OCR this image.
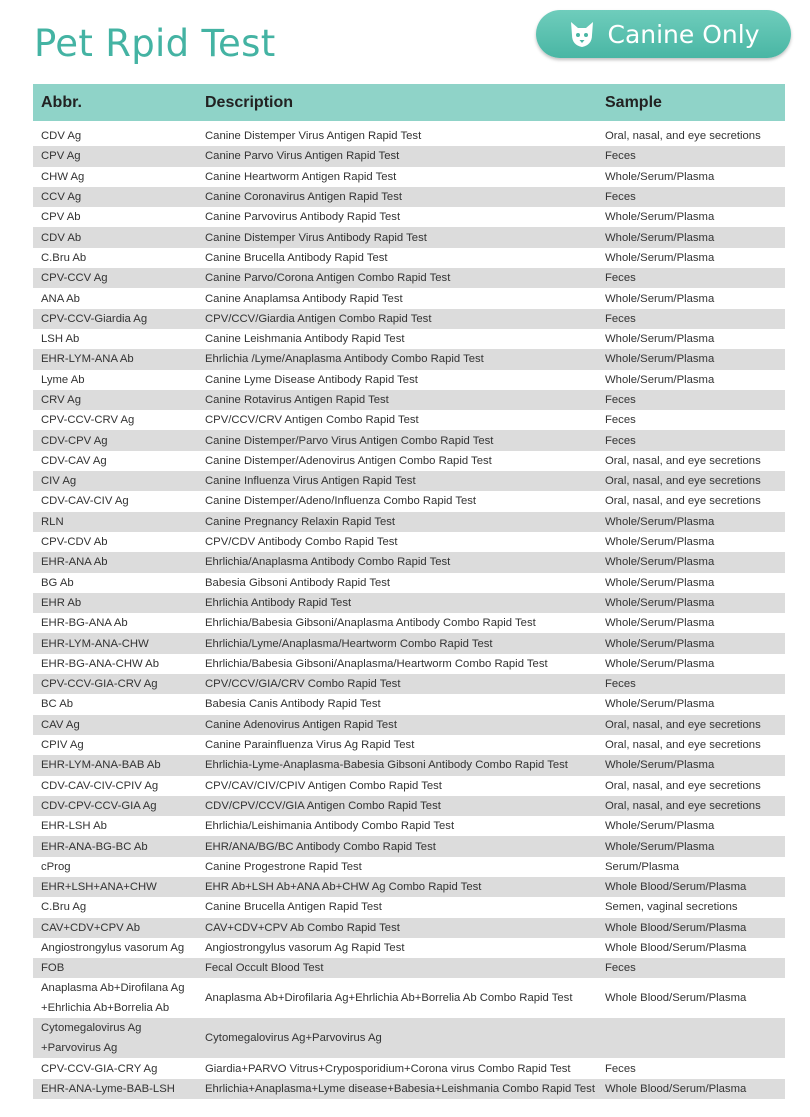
Pet Rpid Test	Canine Only
Abbr.	Description	Sample

CDV Ag	Canine Distemper Virus Antigen Rapid Test	Oral, nasal, and eye secretions
CPV Ag	Canine Parvo Virus Antigen Rapid Test	Feces
CHW Ag	Canine Heartworm Antigen Rapid Test	Whole/Serum/Plasma
CCV Ag	Canine Coronavirus Antigen Rapid Test	Feces
CPV Ab	Canine Parvovirus Antibody Rapid Test	Whole/Serum/Plasma
CDV Ab	Canine Distemper Virus Antibody Rapid Test	Whole/Serum/Plasma
C.Bru Ab	Canine Brucella Antibody Rapid Test	Whole/Serum/Plasma
CPV-CCV Ag	Canine Parvo/Corona Antigen Combo Rapid Test	Feces
ANA Ab	Canine Anaplamsa Antibody Rapid Test	Whole/Serum/Plasma
CPV-CCV-Giardia Ag	CPV/CCV/Giardia Antigen Combo Rapid Test	Feces
LSH Ab	Canine Leishmania Antibody Rapid Test	Whole/Serum/Plasma
EHR-LYM-ANA Ab	Ehrlichia /Lyme/Anaplasma Antibody Combo Rapid Test	Whole/Serum/Plasma
Lyme Ab	Canine Lyme Disease Antibody Rapid Test	Whole/Serum/Plasma
CRV Ag	Canine Rotavirus Antigen Rapid Test	Feces
CPV-CCV-CRV Ag	CPV/CCV/CRV Antigen Combo Rapid Test	Feces
CDV-CPV Ag	Canine Distemper/Parvo Virus Antigen Combo Rapid Test	Feces
CDV-CAV Ag	Canine Distemper/Adenovirus Antigen Combo Rapid Test	Oral, nasal, and eye secretions
CIV Ag	Canine Influenza Virus Antigen Rapid Test	Oral, nasal, and eye secretions
CDV-CAV-CIV Ag	Canine Distemper/Adeno/Influenza Combo Rapid Test	Oral, nasal, and eye secretions
RLN	Canine Pregnancy Relaxin Rapid Test	Whole/Serum/Plasma
CPV-CDV Ab	CPV/CDV Antibody Combo Rapid Test	Whole/Serum/Plasma
EHR-ANA Ab	Ehrlichia/Anaplasma Antibody Combo Rapid Test	Whole/Serum/Plasma
BG Ab	Babesia Gibsoni Antibody Rapid Test	Whole/Serum/Plasma
EHR Ab	Ehrlichia Antibody Rapid Test	Whole/Serum/Plasma
EHR-BG-ANA Ab	Ehrlichia/Babesia Gibsoni/Anaplasma Antibody Combo Rapid Test	Whole/Serum/Plasma
EHR-LYM-ANA-CHW	Ehrlichia/Lyme/Anaplasma/Heartworm Combo Rapid Test	Whole/Serum/Plasma
EHR-BG-ANA-CHW Ab	Ehrlichia/Babesia Gibsoni/Anaplasma/Heartworm Combo Rapid Test	Whole/Serum/Plasma
CPV-CCV-GIA-CRV Ag	CPV/CCV/GIA/CRV Combo Rapid Test	Feces
BC Ab	Babesia Canis Antibody Rapid Test	Whole/Serum/Plasma
CAV Ag	Canine Adenovirus Antigen Rapid Test	Oral, nasal, and eye secretions
CPIV Ag	Canine Parainfluenza Virus Ag Rapid Test	Oral, nasal, and eye secretions
EHR-LYM-ANA-BAB Ab	Ehrlichia-Lyme-Anaplasma-Babesia Gibsoni Antibody Combo Rapid Test	Whole/Serum/Plasma
CDV-CAV-CIV-CPIV Ag	CPV/CAV/CIV/CPIV Antigen Combo Rapid Test	Oral, nasal, and eye secretions
CDV-CPV-CCV-GIA Ag	CDV/CPV/CCV/GIA Antigen Combo Rapid Test	Oral, nasal, and eye secretions
EHR-LSH Ab	Ehrlichia/Leishimania Antibody Combo Rapid Test	Whole/Serum/Plasma
EHR-ANA-BG-BC Ab	EHR/ANA/BG/BC Antibody Combo Rapid Test	Whole/Serum/Plasma
cProg	Canine Progestrone Rapid Test	Serum/Plasma
EHR+LSH+ANA+CHW	EHR Ab+LSH Ab+ANA Ab+CHW Ag Combo Rapid Test	Whole Blood/Serum/Plasma
C.Bru Ag	Canine Brucella Antigen Rapid Test	Semen, vaginal secretions
CAV+CDV+CPV Ab	CAV+CDV+CPV Ab Combo Rapid Test	Whole Blood/Serum/Plasma
Angiostrongylus vasorum Ag	Angiostrongylus vasorum Ag Rapid Test	Whole Blood/Serum/Plasma
FOB	Fecal Occult Blood Test	Feces
Anaplasma Ab+Dirofilana Ag +Ehrlichia Ab+Borrelia Ab	Anaplasma Ab+Dirofilaria Ag+Ehrlichia Ab+Borrelia Ab Combo Rapid Test	Whole Blood/Serum/Plasma
Cytomegalovirus Ag +Parvovirus Ag	Cytomegalovirus Ag+Parvovirus Ag	
CPV-CCV-GIA-CRY Ag	Giardia+PARVO Vitrus+Cryposporidium+Corona virus Combo Rapid Test	Feces
EHR-ANA-Lyme-BAB-LSH	Ehrlichia+Anaplasma+Lyme disease+Babesia+Leishmania Combo Rapid Test	Whole Blood/Serum/Plasma
